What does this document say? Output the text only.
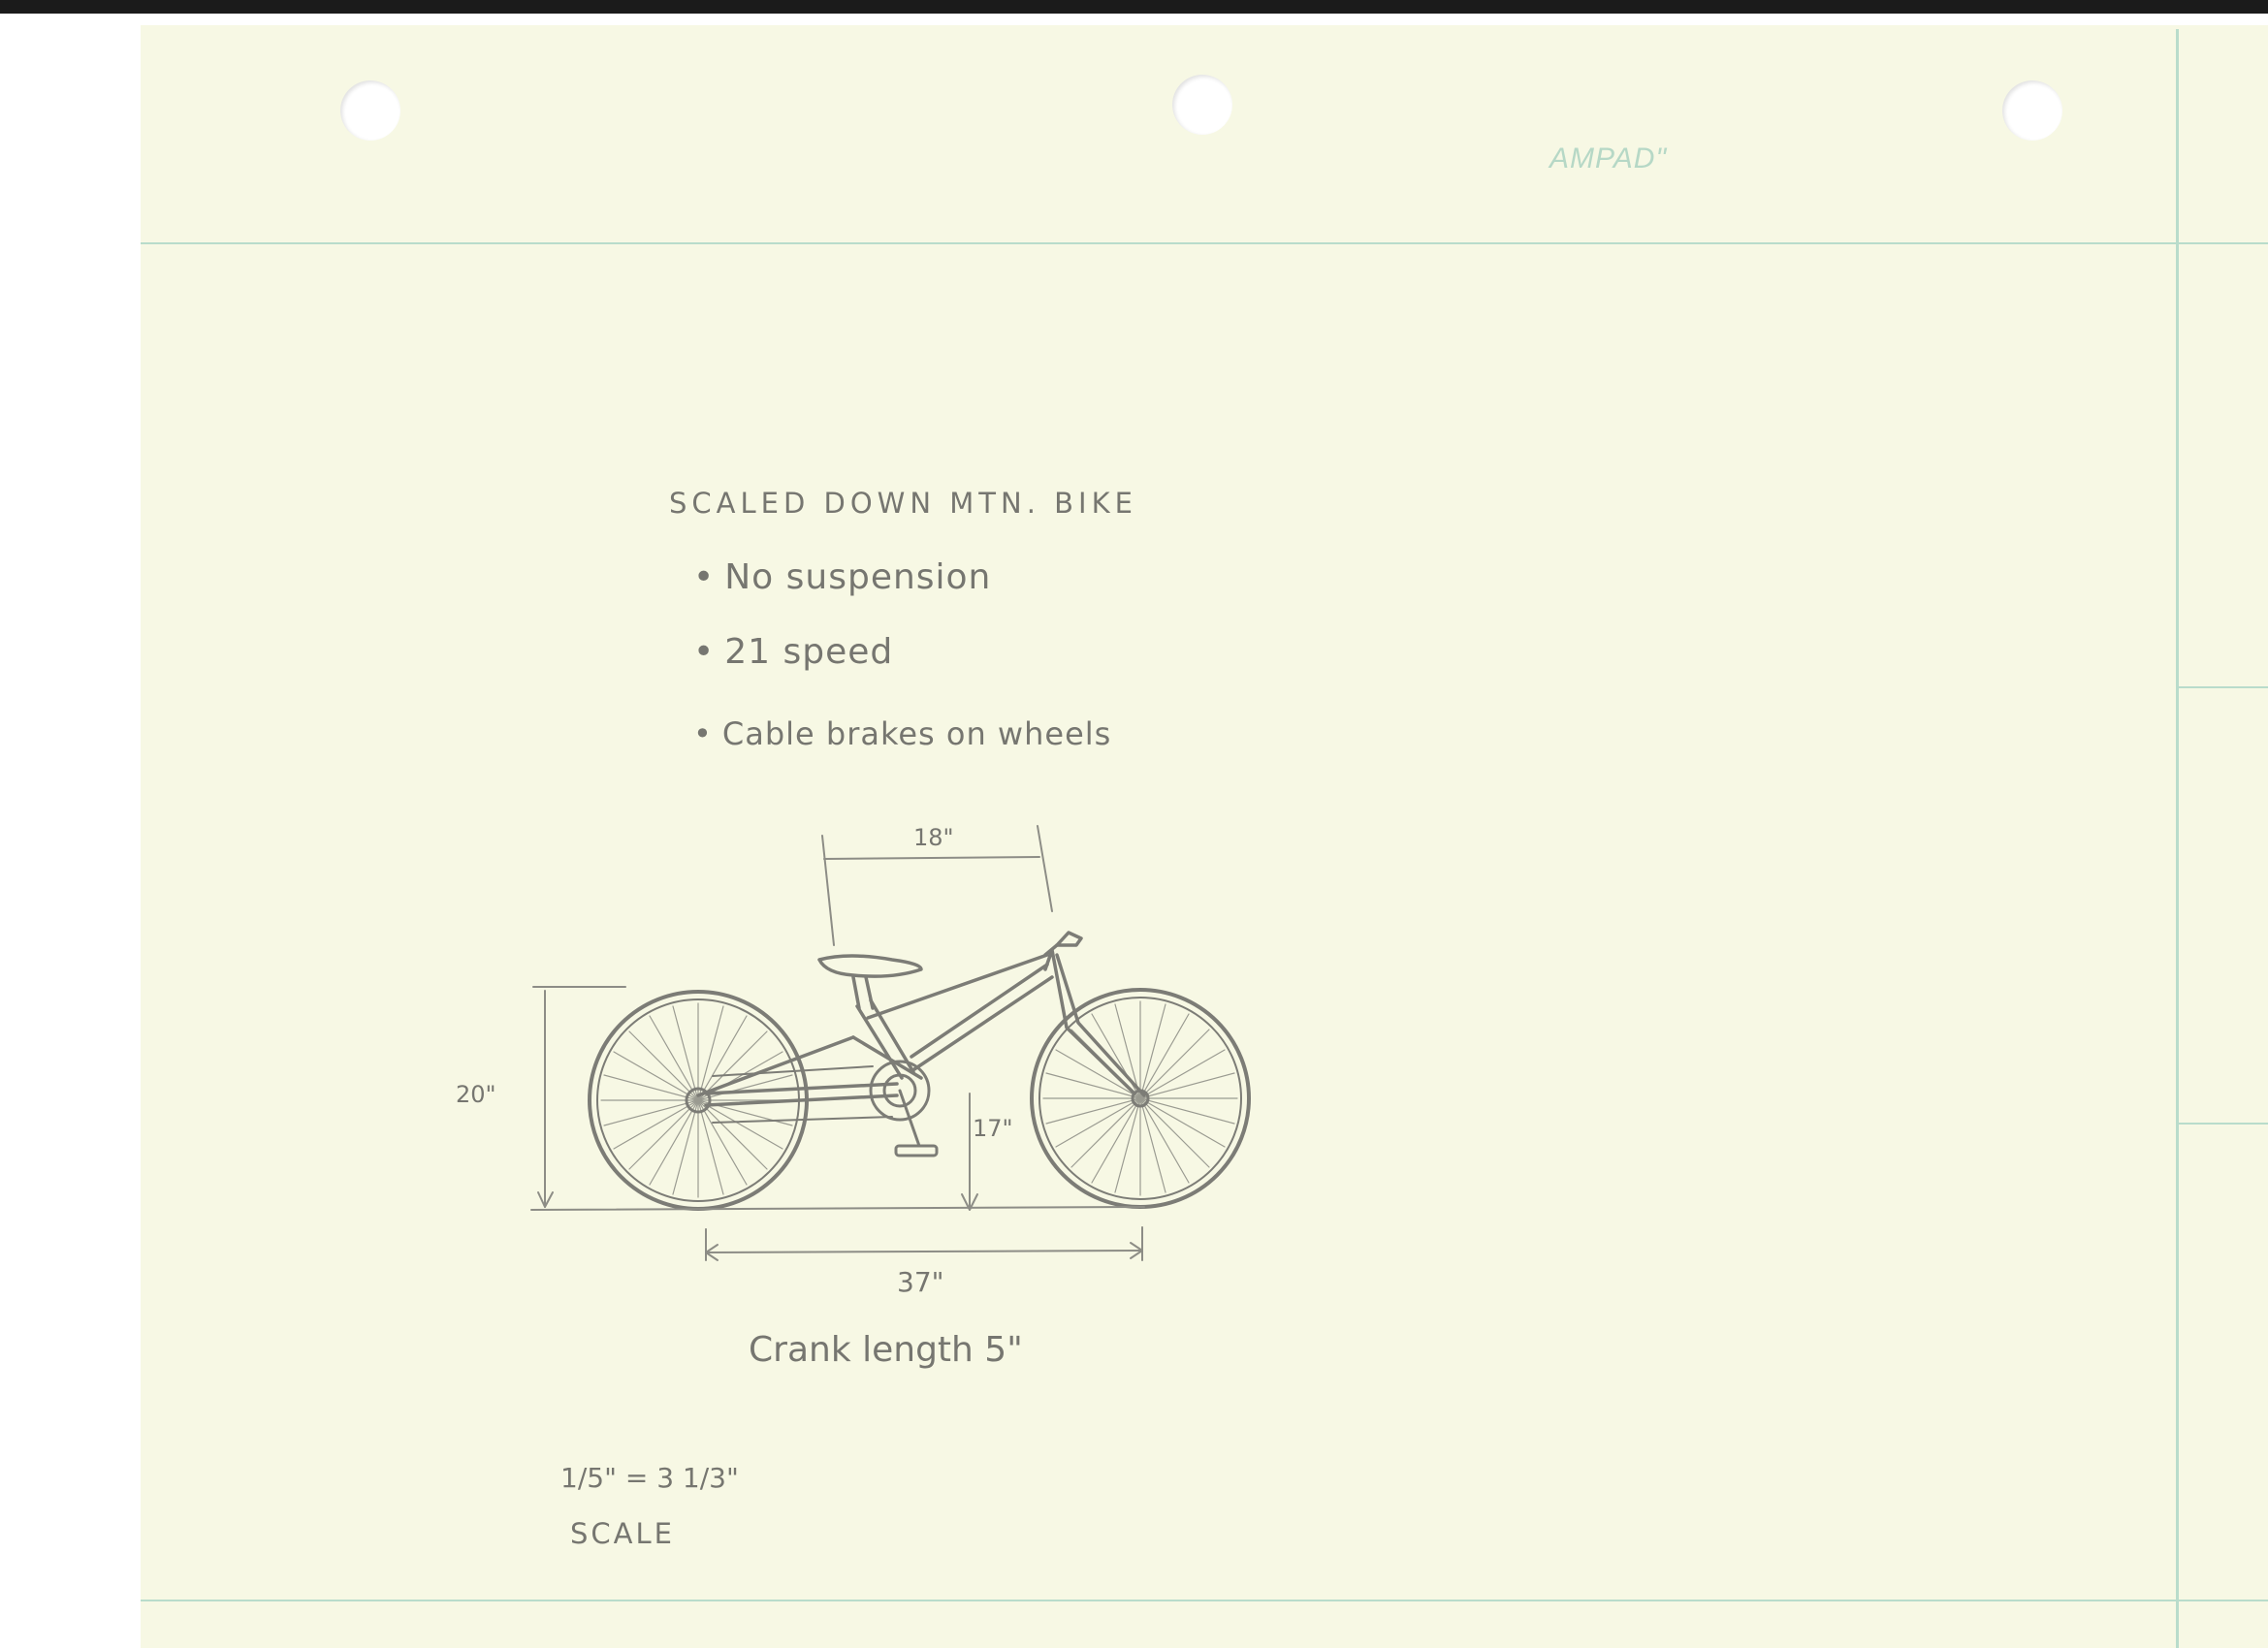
AMPAD"
SCALED DOWN MTN. BIKE
• No suspension
• 21 speed
• Cable brakes on wheels
18"
20"
17"
37"
Crank length 5"
1/5" = 3 1/3"
SCALE
